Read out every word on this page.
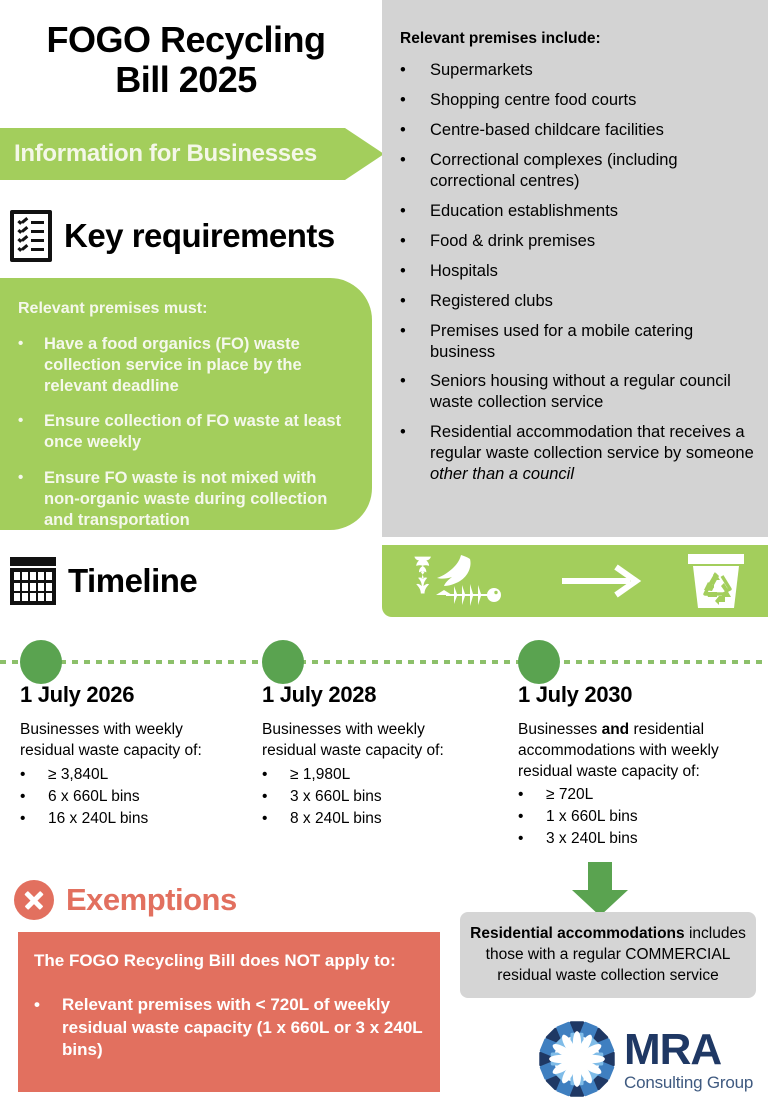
FOGO Recycling
Bill 2025
Information for Businesses
Key requirements
Relevant premises must:
•	Have a food organics (FO) waste collection service in place by the relevant deadline
•	Ensure collection of FO waste at least once weekly
•	Ensure FO waste is not mixed with non-organic waste during collection and transportation
Relevant premises include:
•	Supermarkets
•	Shopping centre food courts
•	Centre-based childcare facilities
•	Correctional complexes (including correctional centres)
•	Education establishments
•	Food & drink premises
•	Hospitals
•	Registered clubs
•	Premises used for a mobile catering business
•	Seniors housing without a regular council waste collection service
•	Residential accommodation that receives a regular waste collection service by someone other than a council
Timeline
1 July 2026

Businesses with weekly residual waste capacity of:

•	≥ 3,840L
•	6 x 660L bins
•	16 x 240L bins
1 July 2028

Businesses with weekly residual waste capacity of:

•	≥ 1,980L
•	3 x 660L bins
•	8 x 240L bins
1 July 2030

Businesses and residential accommodations with weekly residual waste capacity of:

•	≥ 720L
•	1 x 660L bins
•	3 x 240L bins
Exemptions
The FOGO Recycling Bill does NOT apply to:
•	Relevant premises with < 720L of weekly residual waste capacity (1 x 660L or 3 x 240L bins)
Residential accommodations includes those with a regular COMMERCIAL residual waste collection service
MRA
Consulting Group
